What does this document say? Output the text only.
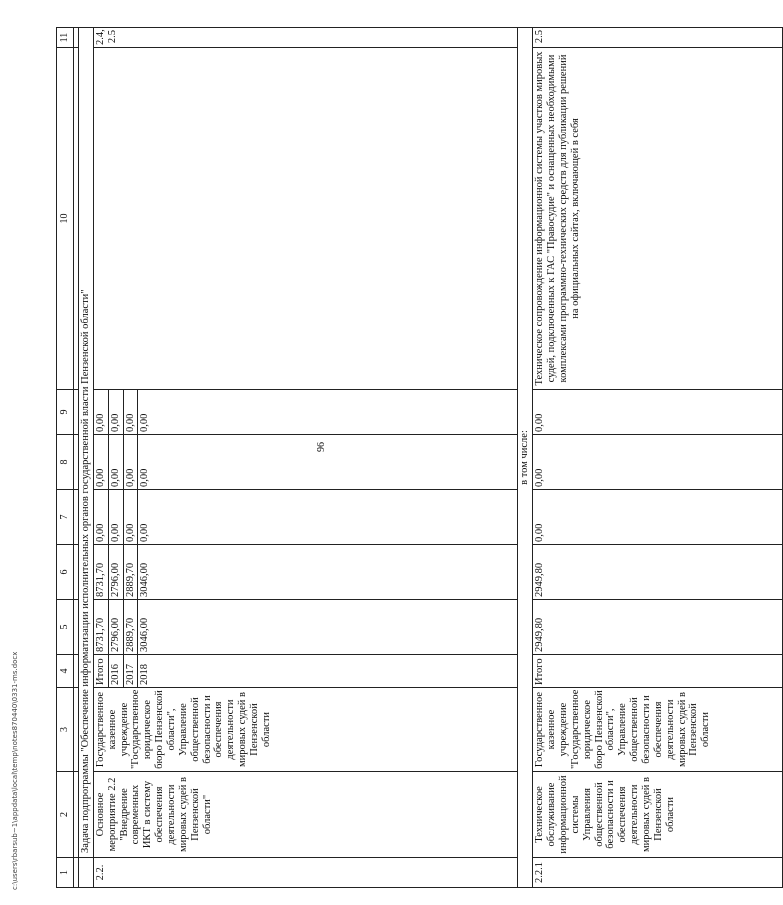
96
1	2	3	4	5	6	7	8	9	10	11

	Задача подпрограммы "Обеспечение информатизации исполнительных органов государственной власти Пензенской области"									
2.2.	Основное мероприятие 2.2 "Внедрение современных ИКТ в систему обеспечения деятельности мировых судей в Пензенской области"	Государственное казенное учреждение "Государственное юридическое бюро Пензенской области", Управление общественной безопасности и обеспечения деятельности мировых судей в Пензенской области	Итого	8731,70	8731,70	0,00	0,00	0,00		2.4, 2.5
			2016	2796,00	2796,00	0,00	0,00	0,00		
			2017	2889,70	2889,70	0,00	0,00	0,00		
			2018	3046,00	3046,00	0,00	0,00	0,00		
в том числе:										
2.2.1	Техническое обслуживание информационной системы Управления общественной безопасности и обеспечения деятельности мировых судей в Пензенской области	Государственное казенное учреждение "Государственное юридическое бюро Пензенской области", Управление общественной безопасности и обеспечения деятельности мировых судей в Пензенской области	Итого	2949,80	2949,80	0,00	0,00	0,00	Техническое сопровождение информационной системы участков мировых судей, подключенных к ГАС "Правосудие" и оснащенных необходимыми комплексами программно-технических средств для публикации решений на официальных сайтах, включающей в себя	2.5
c:\users\rbarsub~1\appdata\local\temp\notes870440\0331-ms.docx
